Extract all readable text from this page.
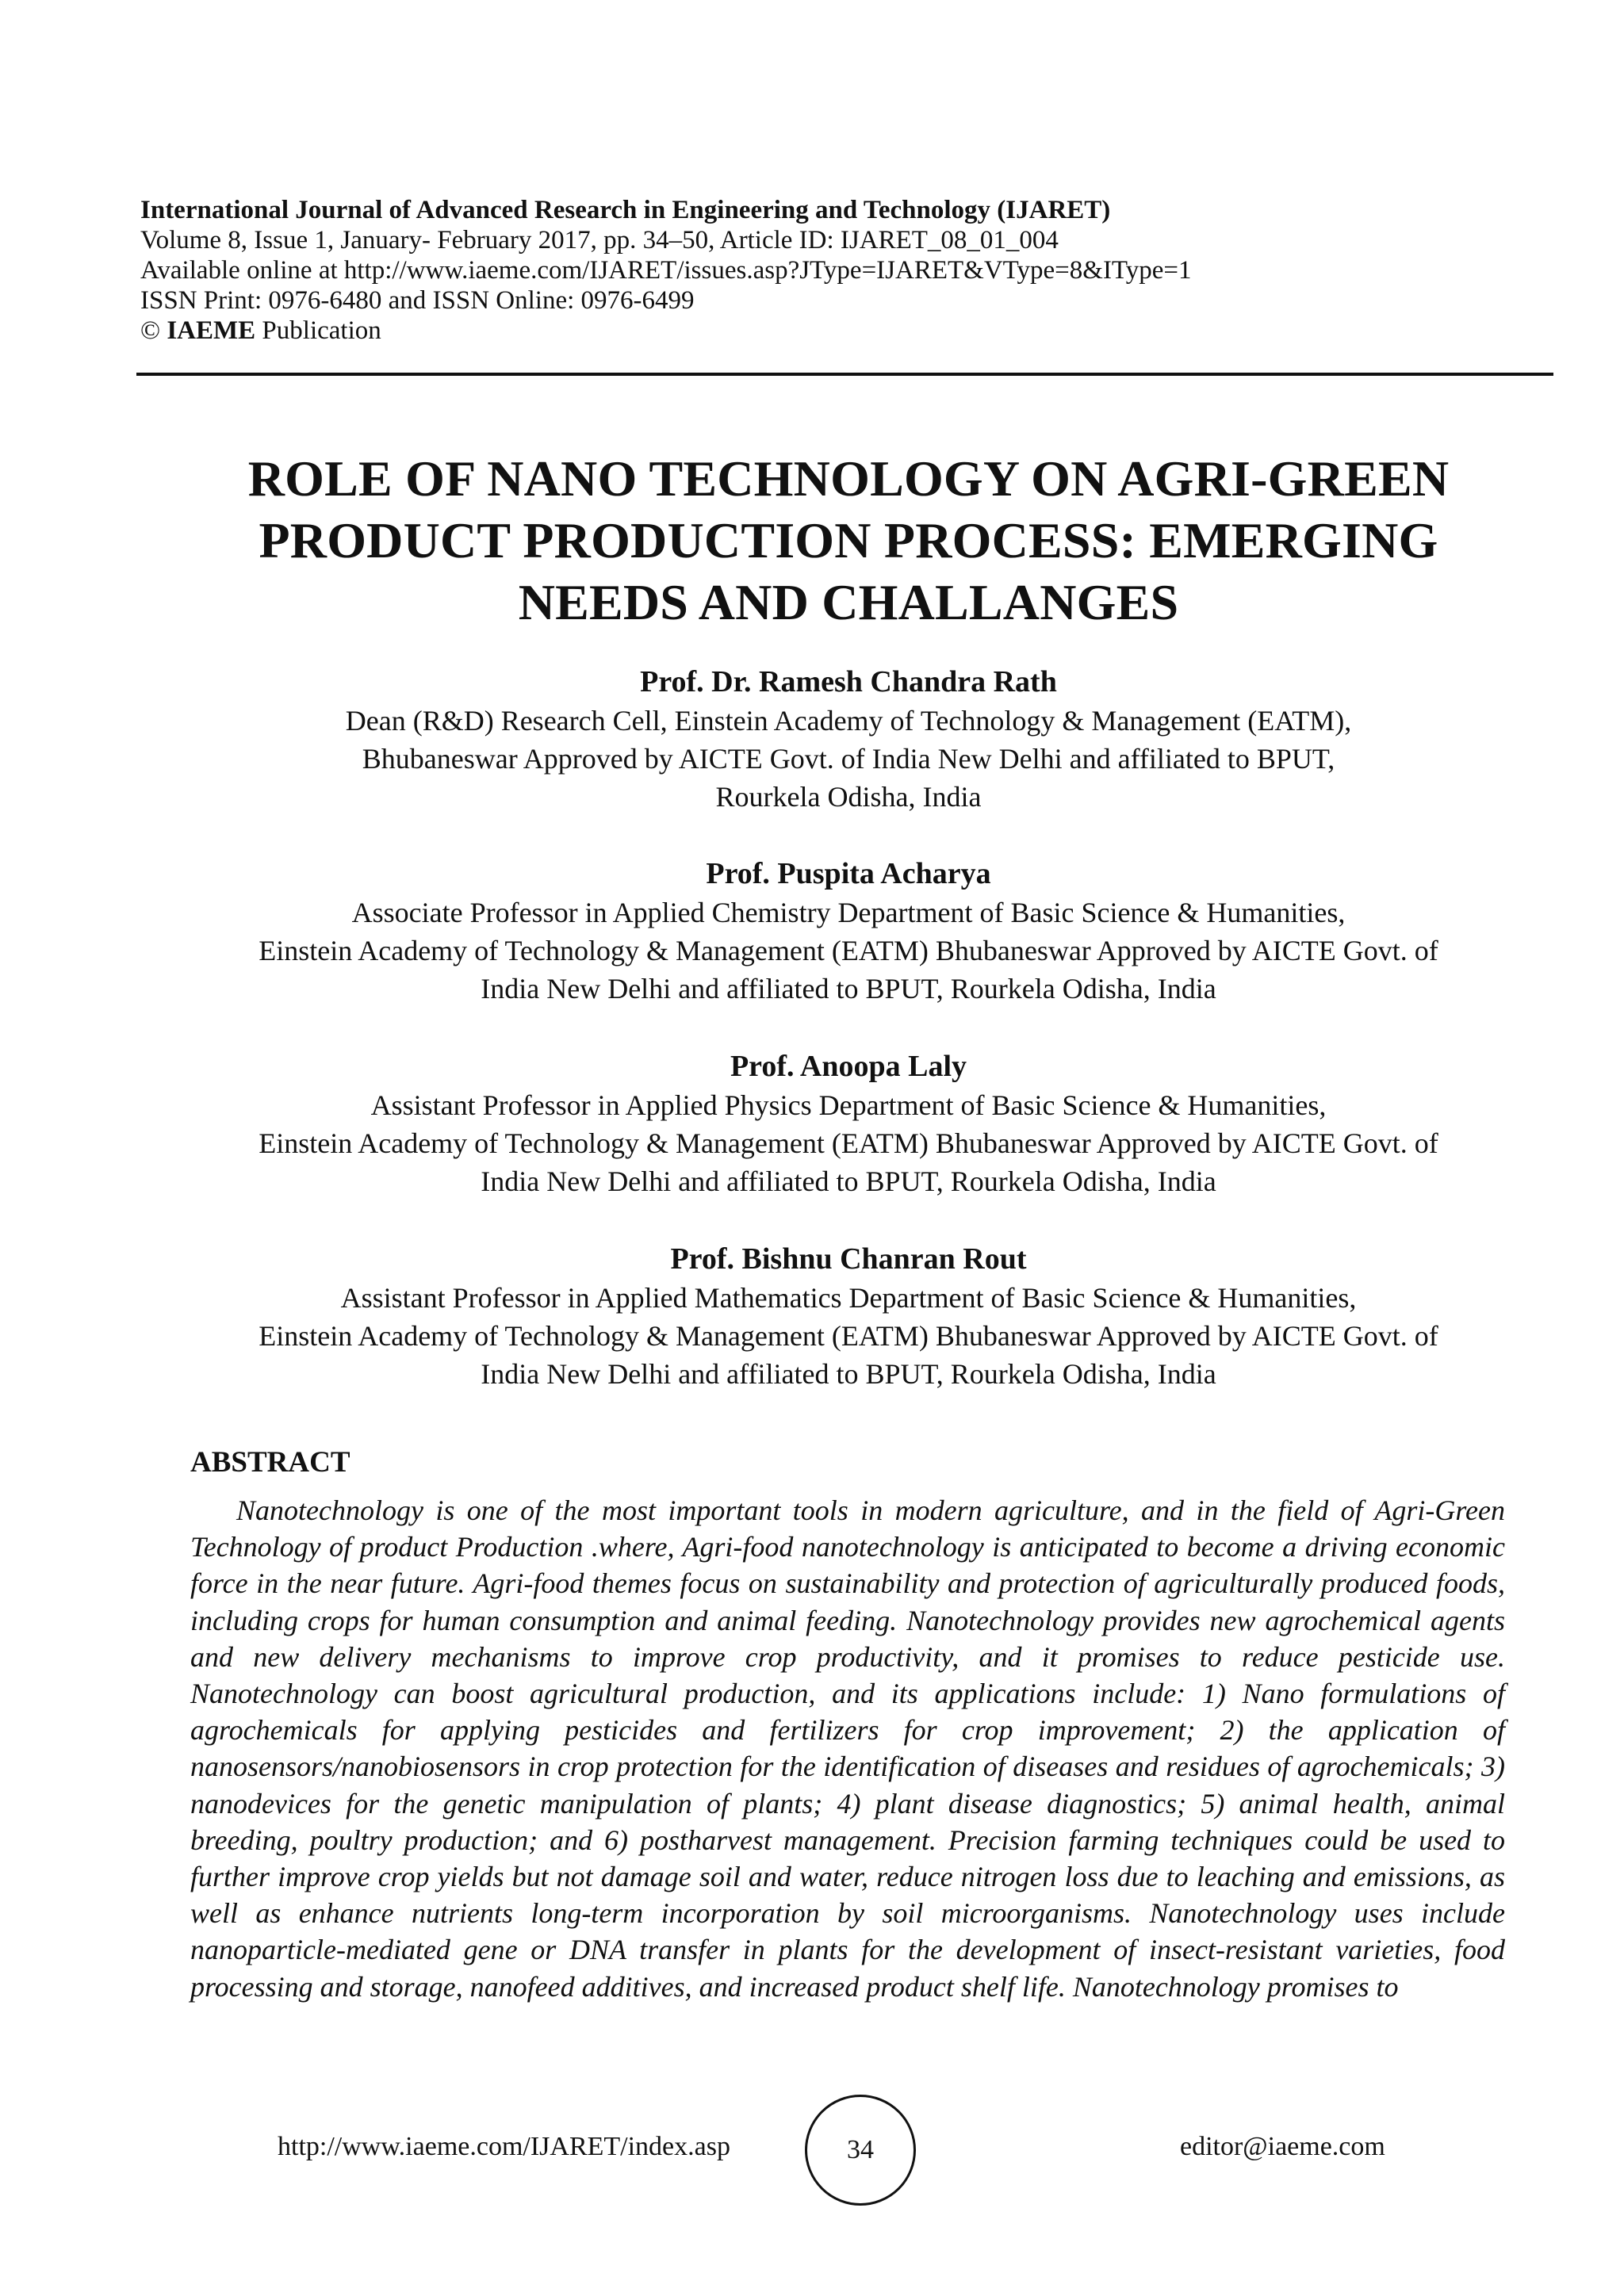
International Journal of Advanced Research in Engineering and Technology (IJARET)
Volume 8, Issue 1, January- February 2017, pp. 34–50, Article ID: IJARET_08_01_004
Available online at http://www.iaeme.com/IJARET/issues.asp?JType=IJARET&VType=8&IType=1
ISSN Print: 0976-6480 and ISSN Online: 0976-6499
© IAEME Publication
ROLE OF NANO TECHNOLOGY ON AGRI-GREEN
PRODUCT PRODUCTION PROCESS: EMERGING
NEEDS AND CHALLANGES
Prof. Dr. Ramesh Chandra Rath
Dean (R&D) Research Cell, Einstein Academy of Technology & Management (EATM),
Bhubaneswar Approved by AICTE Govt. of India New Delhi and affiliated to BPUT,
Rourkela Odisha, India
Prof. Puspita Acharya
Associate Professor in Applied Chemistry Department of Basic Science & Humanities,
Einstein Academy of Technology & Management (EATM) Bhubaneswar Approved by AICTE Govt. of
India New Delhi and affiliated to BPUT, Rourkela Odisha, India
Prof. Anoopa Laly
Assistant Professor in Applied Physics Department of Basic Science & Humanities,
Einstein Academy of Technology & Management (EATM) Bhubaneswar Approved by AICTE Govt. of
India New Delhi and affiliated to BPUT, Rourkela Odisha, India
Prof. Bishnu Chanran Rout
Assistant Professor in Applied Mathematics Department of Basic Science & Humanities,
Einstein Academy of Technology & Management (EATM) Bhubaneswar Approved by AICTE Govt. of
India New Delhi and affiliated to BPUT, Rourkela Odisha, India
ABSTRACT

Nanotechnology is one of the most important tools in modern agriculture, and in the field of Agri-Green Technology of product Production .where, Agri-food nanotechnology is anticipated to become a driving economic force in the near future. Agri-food themes focus on sustainability and protection of agriculturally produced foods, including crops for human consumption and animal feeding. Nanotechnology provides new agrochemical agents and new delivery mechanisms to improve crop productivity, and it promises to reduce pesticide use. Nanotechnology can boost agricultural production, and its applications include: 1) Nano formulations of agrochemicals for applying pesticides and fertilizers for crop improvement; 2) the application of nanosensors/nanobiosensors in crop protection for the identification of diseases and residues of agrochemicals; 3) nanodevices for the genetic manipulation of plants; 4) plant disease diagnostics; 5) animal health, animal breeding, poultry production; and 6) postharvest management. Precision farming techniques could be used to further improve crop yields but not damage soil and water, reduce nitrogen loss due to leaching and emissions, as well as enhance nutrients long-term incorporation by soil microorganisms. Nanotechnology uses include nanoparticle-mediated gene or DNA transfer in plants for the development of insect-resistant varieties, food processing and storage, nanofeed additives, and increased product shelf life. Nanotechnology promises to

http://www.iaeme.com/IJARET/index.asp	34	editor@iaeme.com
